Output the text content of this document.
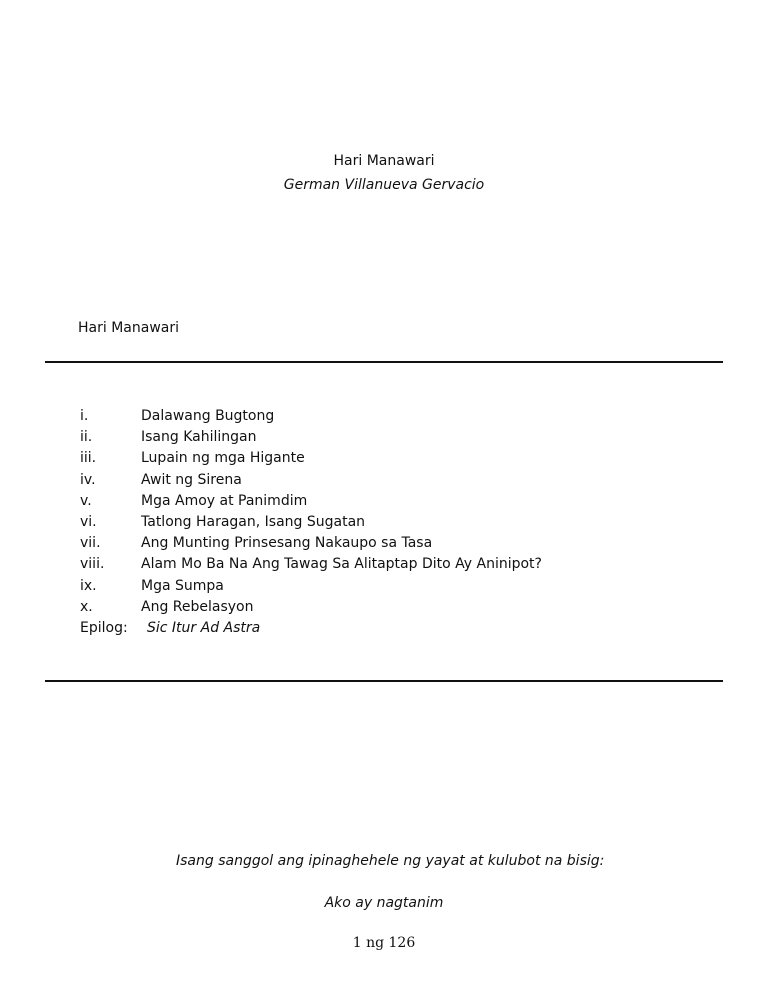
Hari Manawari
German Villanueva Gervacio
Hari Manawari
i.	Dalawang Bugtong
ii.	Isang Kahilingan
iii.	Lupain ng mga Higante
iv.	Awit ng Sirena
v.	Mga Amoy at Panimdim
vi.	Tatlong Haragan, Isang Sugatan
vii.	Ang Munting Prinsesang Nakaupo sa Tasa
viii.	Alam Mo Ba Na Ang Tawag Sa Alitaptap Dito Ay Aninipot?
ix.	Mga Sumpa
x.	Ang Rebelasyon
Epilog: Sic Itur Ad Astra
Isang sanggol ang ipinaghehele ng yayat at kulubot na bisig:
Ako ay nagtanim
1 ng 126
